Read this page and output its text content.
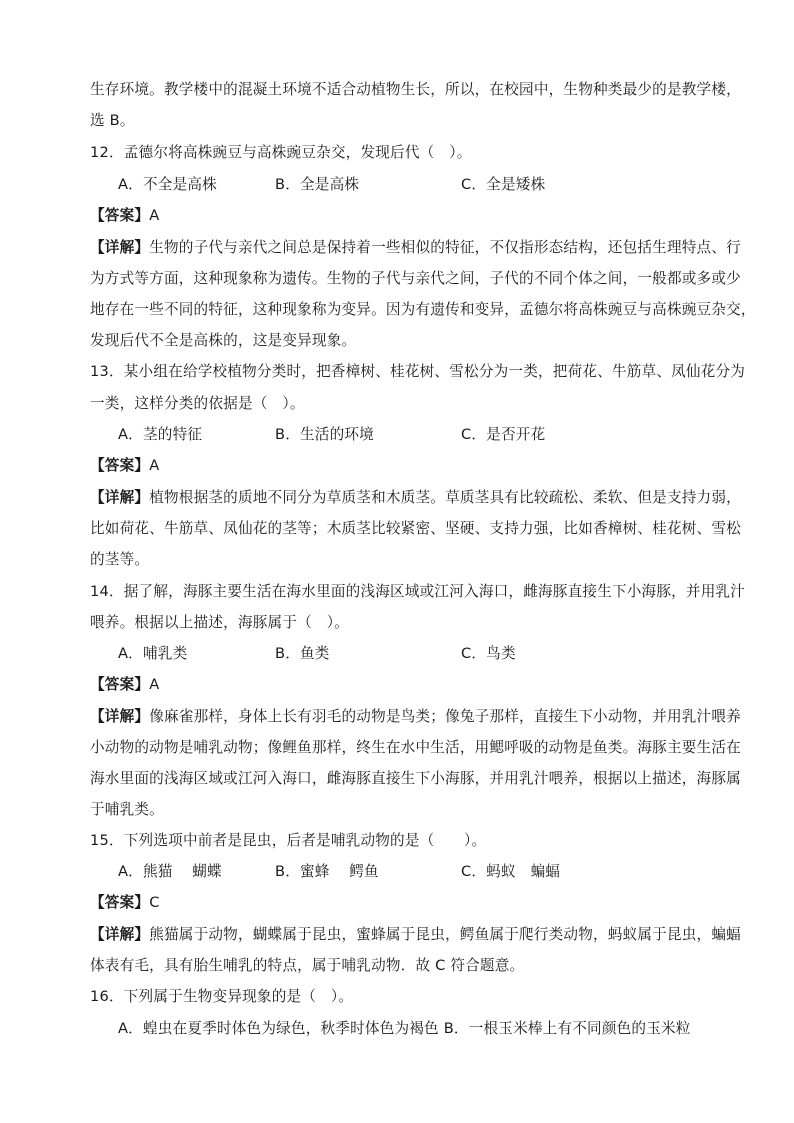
生存环境。教学楼中的混凝土环境不适合动植物生长，所以，在校园中，生物种类最少的是教学楼，
选 B。
12．孟德尔将高株豌豆与高株豌豆杂交，发现后代（　）。
A．不全是高株	B．全是高株	C．全是矮株
【答案】A
【详解】生物的子代与亲代之间总是保持着一些相似的特征，不仅指形态结构，还包括生理特点、行
为方式等方面，这种现象称为遗传。生物的子代与亲代之间，子代的不同个体之间，一般都或多或少
地存在一些不同的特征，这种现象称为变异。因为有遗传和变异，孟德尔将高株豌豆与高株豌豆杂交，
发现后代不全是高株的，这是变异现象。
13．某小组在给学校植物分类时，把香樟树、桂花树、雪松分为一类，把荷花、牛筋草、凤仙花分为
一类，这样分类的依据是（　）。
A．茎的特征	B．生活的环境	C．是否开花
【答案】A
【详解】植物根据茎的质地不同分为草质茎和木质茎。草质茎具有比较疏松、柔软、但是支持力弱，
比如荷花、牛筋草、凤仙花的茎等；木质茎比较紧密、坚硬、支持力强，比如香樟树、桂花树、雪松
的茎等。
14．据了解，海豚主要生活在海水里面的浅海区域或江河入海口，雌海豚直接生下小海豚，并用乳汁
喂养。根据以上描述，海豚属于（　）。
A．哺乳类	B．鱼类	C．鸟类
【答案】A
【详解】像麻雀那样，身体上长有羽毛的动物是鸟类；像兔子那样，直接生下小动物，并用乳汁喂养
小动物的动物是哺乳动物；像鲤鱼那样，终生在水中生活，用鳃呼吸的动物是鱼类。海豚主要生活在
海水里面的浅海区域或江河入海口，雌海豚直接生下小海豚，并用乳汁喂养，根据以上描述，海豚属
于哺乳类。
15．下列选项中前者是昆虫，后者是哺乳动物的是（　　）。
A．熊猫　 蝴蝶	B．蜜蜂　 鳄鱼	C．蚂蚁　蝙蝠
【答案】C
【详解】熊猫属于动物，蝴蝶属于昆虫，蜜蜂属于昆虫，鳄鱼属于爬行类动物，蚂蚁属于昆虫，蝙蝠
体表有毛，具有胎生哺乳的特点，属于哺乳动物．故 C 符合题意。
16．下列属于生物变异现象的是（　）。
A．蝗虫在夏季时体色为绿色，秋季时体色为褐色 B．一根玉米棒上有不同颜色的玉米粒
